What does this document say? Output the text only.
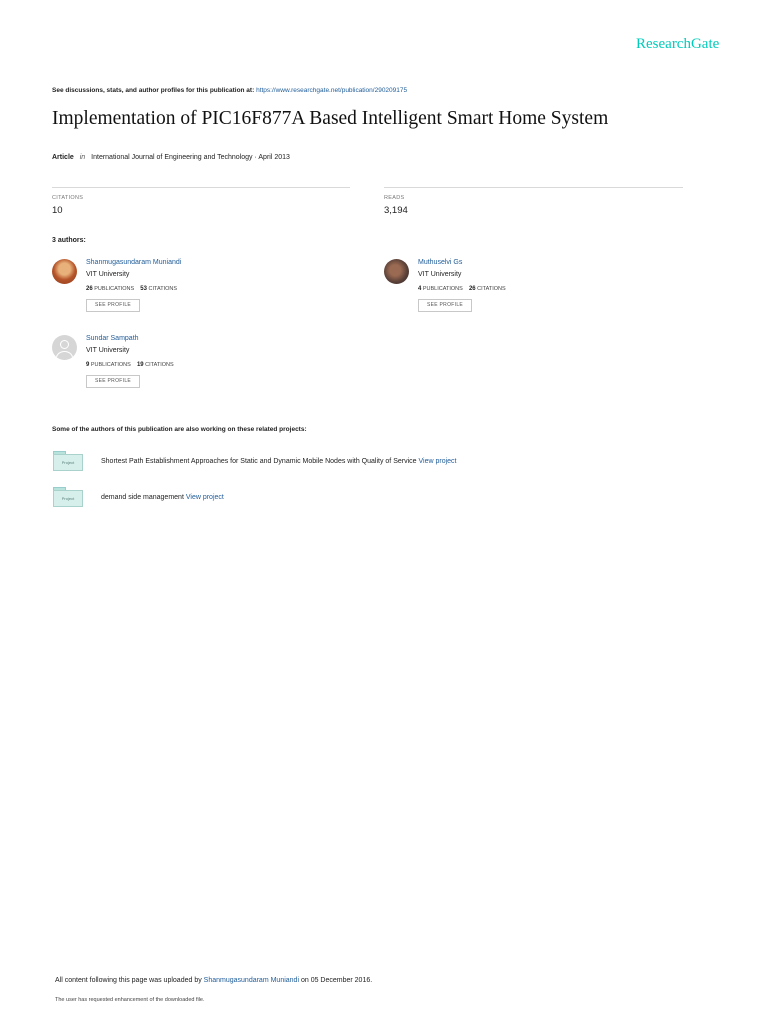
ResearchGate
See discussions, stats, and author profiles for this publication at: https://www.researchgate.net/publication/290209175
Implementation of PIC16F877A Based Intelligent Smart Home System
Article in International Journal of Engineering and Technology · April 2013
CITATIONS
10
READS
3,194
3 authors:
Shanmugasundaram Muniandi
VIT University
26 PUBLICATIONS 53 CITATIONS
SEE PROFILE
Muthuselvi Gs
VIT University
4 PUBLICATIONS 26 CITATIONS
SEE PROFILE
Sundar Sampath
VIT University
9 PUBLICATIONS 19 CITATIONS
SEE PROFILE
Some of the authors of this publication are also working on these related projects:
Project	Shortest Path Establishment Approaches for Static and Dynamic Mobile Nodes with Quality of Service View project
Project	demand side management View project
All content following this page was uploaded by Shanmugasundaram Muniandi on 05 December 2016.
The user has requested enhancement of the downloaded file.
